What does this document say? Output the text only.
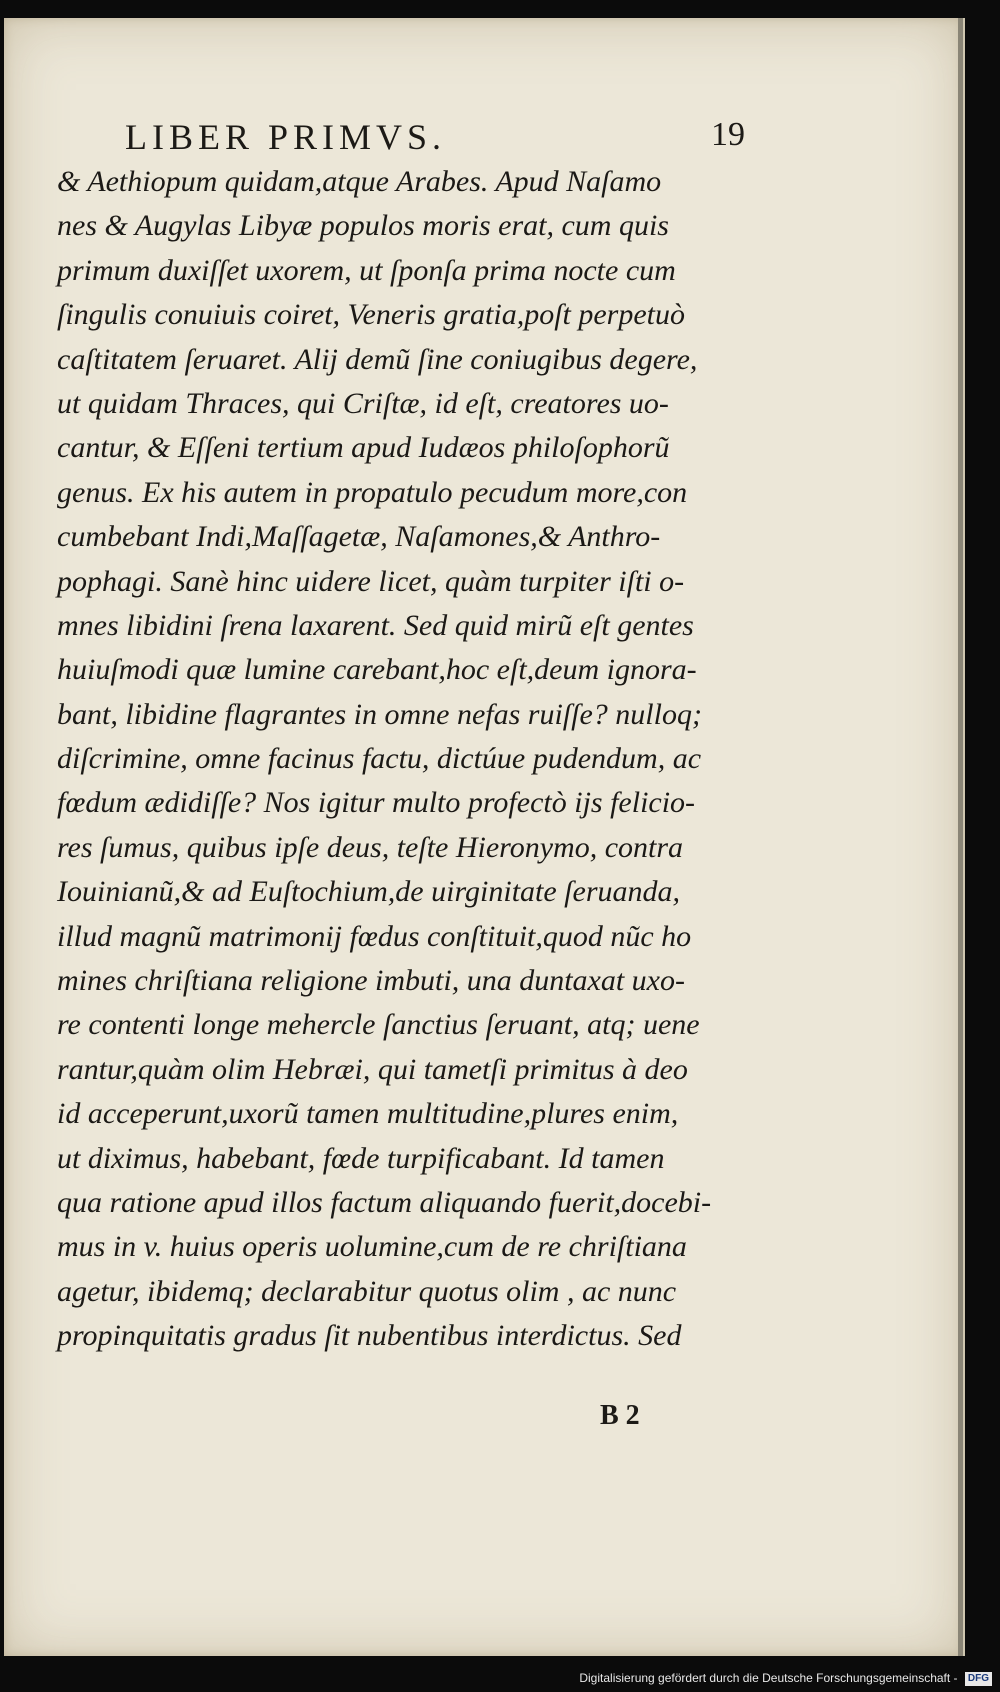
LIBER PRIMVS.	19
& Aethiopum quidam,atque Arabes. Apud Naſamo
nes & Augylas Libyæ populos moris erat, cum quis
primum duxiſſet uxorem, ut ſponſa prima nocte cum
ſingulis conuiuis coiret, Veneris gratia,poſt perpetuò
caſtitatem ſeruaret. Alij demũ ſine coniugibus degere,
ut quidam Thraces, qui Criſtæ, id eſt, creatores uo-
cantur, & Eſſeni tertium apud Iudæos philoſophorũ
genus. Ex his autem in propatulo pecudum more,con
cumbebant Indi,Maſſagetæ, Naſamones,& Anthro-
pophagi. Sanè hinc uidere licet, quàm turpiter iſti o-
mnes libidini ſrena laxarent. Sed quid mirũ eſt gentes
huiuſmodi quæ lumine carebant,hoc eſt,deum ignora-
bant, libidine flagrantes in omne nefas ruiſſe? nulloq;
diſcrimine, omne facinus factu, dictúue pudendum, ac
fœdum ædidiſſe? Nos igitur multo profectò ijs felicio-
res ſumus, quibus ipſe deus, teſte Hieronymo, contra
Iouinianũ,& ad Euſtochium,de uirginitate ſeruanda,
illud magnũ matrimonij fœdus conſtituit,quod nũc ho
mines chriſtiana religione imbuti, una duntaxat uxo-
re contenti longe mehercle ſanctius ſeruant, atq; uene
rantur,quàm olim Hebræi, qui tametſi primitus à deo
id acceperunt,uxorũ tamen multitudine,plures enim,
ut diximus, habebant, fœde turpificabant. Id tamen
qua ratione apud illos factum aliquando fuerit,docebi-
mus in v. huius operis uolumine,cum de re chriſtiana
agetur, ibidemq; declarabitur quotus olim , ac nunc
propinquitatis gradus ſit nubentibus interdictus. Sed
B 2
Digitalisierung gefördert durch die Deutsche Forschungsgemeinschaft - DFG
